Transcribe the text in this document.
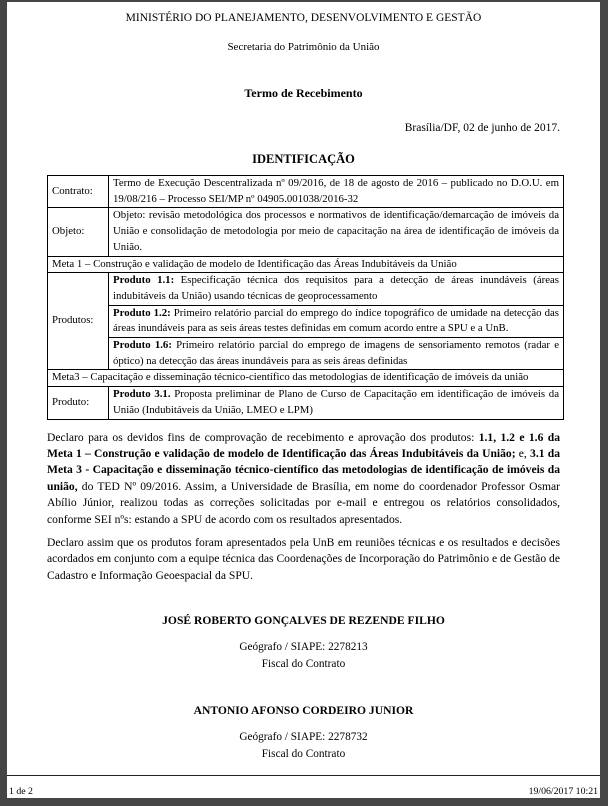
MINISTÉRIO DO PLANEJAMENTO, DESENVOLVIMENTO E GESTÃO
Secretaria do Patrimônio da União
Termo de Recebimento
Brasília/DF, 02 de junho de 2017.
IDENTIFICAÇÃO
Contrato:	Termo de Execução Descentralizada nº 09/2016, de 18 de agosto de 2016 – publicado no D.O.U. em 19/08/216 – Processo SEI/MP nº 04905.001038/2016-32
Objeto:	Objeto: revisão metodológica dos processos e normativos de identificação/demarcação de imóveis da União e consolidação de metodologia por meio de capacitação na área de identificação de imóveis da União.
Meta 1 – Construção e validação de modelo de Identificação das Áreas Indubitáveis da União	
Produtos:	Produto 1.1: Especificação técnica dos requisitos para a detecção de áreas inundáveis (áreas indubitáveis da União) usando técnicas de geoprocessamento
	Produto 1.2: Primeiro relatório parcial do emprego do índice topográfico de umidade na detecção das áreas inundáveis para as seis áreas testes definidas em comum acordo entre a SPU e a UnB.
	Produto 1.6: Primeiro relatório parcial do emprego de imagens de sensoriamento remotos (radar e óptico) na detecção das áreas inundáveis para as seis áreas definidas
Meta3 – Capacitação e disseminação técnico-científico das metodologias de identificação de imóveis da união	
Produto:	Produto 3.1. Proposta preliminar de Plano de Curso de Capacitação em identificação de imóveis da União (Indubitáveis da União, LMEO e LPM)
Declaro para os devidos fins de comprovação de recebimento e aprovação dos produtos: 1.1, 1.2 e 1.6 da Meta 1 – Construção e validação de modelo de Identificação das Áreas Indubitáveis da União; e, 3.1 da Meta 3 - Capacitação e disseminação técnico-científico das metodologias de identificação de imóveis da união, do TED Nº 09/2016. Assim, a Universidade de Brasília, em nome do coordenador Professor Osmar Abílio Júnior, realizou todas as correções solicitadas por e-mail e entregou os relatórios consolidados, conforme SEI nºs: estando a SPU de acordo com os resultados apresentados.
Declaro assim que os produtos foram apresentados pela UnB em reuniões técnicas e os resultados e decisões acordados em conjunto com a equipe técnica das Coordenações de Incorporação do Patrimônio e de Gestão de Cadastro e Informação Geoespacial da SPU.
JOSÉ ROBERTO GONÇALVES DE REZENDE FILHO
Geógrafo / SIAPE: 2278213
Fiscal do Contrato
ANTONIO AFONSO CORDEIRO JUNIOR
Geógrafo / SIAPE: 2278732
Fiscal do Contrato
1 de 2	19/06/2017 10:21
